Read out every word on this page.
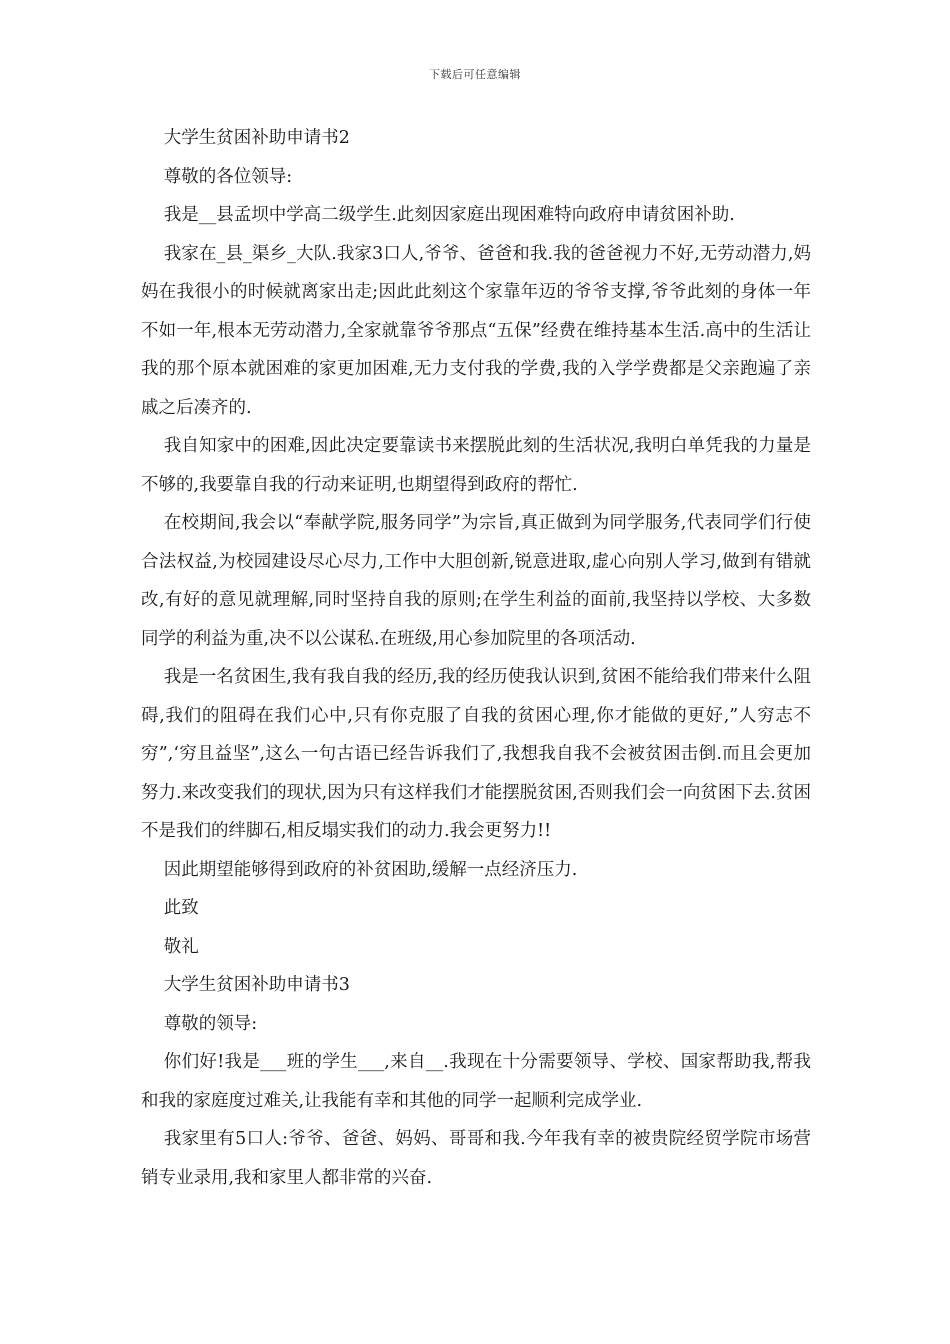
下载后可任意编辑

大学生贫困补助申请书2

尊敬的各位领导:

我是__县孟坝中学高二级学生.此刻因家庭出现困难特向政府申请贫困补助.

我家在_县_渠乡_大队.我家3口人,爷爷、爸爸和我.我的爸爸视力不好,无劳动潜力,妈妈在我很小的时候就离家出走;因此此刻这个家靠年迈的爷爷支撑,爷爷此刻的身体一年不如一年,根本无劳动潜力,全家就靠爷爷那点“五保”经费在维持基本生活.高中的生活让我的那个原本就困难的家更加困难,无力支付我的学费,我的入学学费都是父亲跑遍了亲戚之后凑齐的.

我自知家中的困难,因此决定要靠读书来摆脱此刻的生活状况,我明白单凭我的力量是不够的,我要靠自我的行动来证明,也期望得到政府的帮忙.

在校期间,我会以“奉献学院,服务同学”为宗旨,真正做到为同学服务,代表同学们行使合法权益,为校园建设尽心尽力,工作中大胆创新,锐意进取,虚心向别人学习,做到有错就改,有好的意见就理解,同时坚持自我的原则;在学生利益的面前,我坚持以学校、大多数同学的利益为重,决不以公谋私.在班级,用心参加院里的各项活动.

我是一名贫困生,我有我自我的经历,我的经历使我认识到,贫困不能给我们带来什么阻碍,我们的阻碍在我们心中,只有你克服了自我的贫困心理,你才能做的更好,”人穷志不穷”,‘穷且益坚”,这么一句古语已经告诉我们了,我想我自我不会被贫困击倒.而且会更加努力.来改变我们的现状,因为只有这样我们才能摆脱贫困,否则我们会一向贫困下去.贫困不是我们的绊脚石,相反塌实我们的动力.我会更努力!!

因此期望能够得到政府的补贫困助,缓解一点经济压力.

此致

敬礼

大学生贫困补助申请书3

尊敬的领导:

你们好!我是___班的学生___,来自__.我现在十分需要领导、学校、国家帮助我,帮我和我的家庭度过难关,让我能有幸和其他的同学一起顺利完成学业.

我家里有5口人:爷爷、爸爸、妈妈、哥哥和我.今年我有幸的被贵院经贸学院市场营销专业录用,我和家里人都非常的兴奋.
